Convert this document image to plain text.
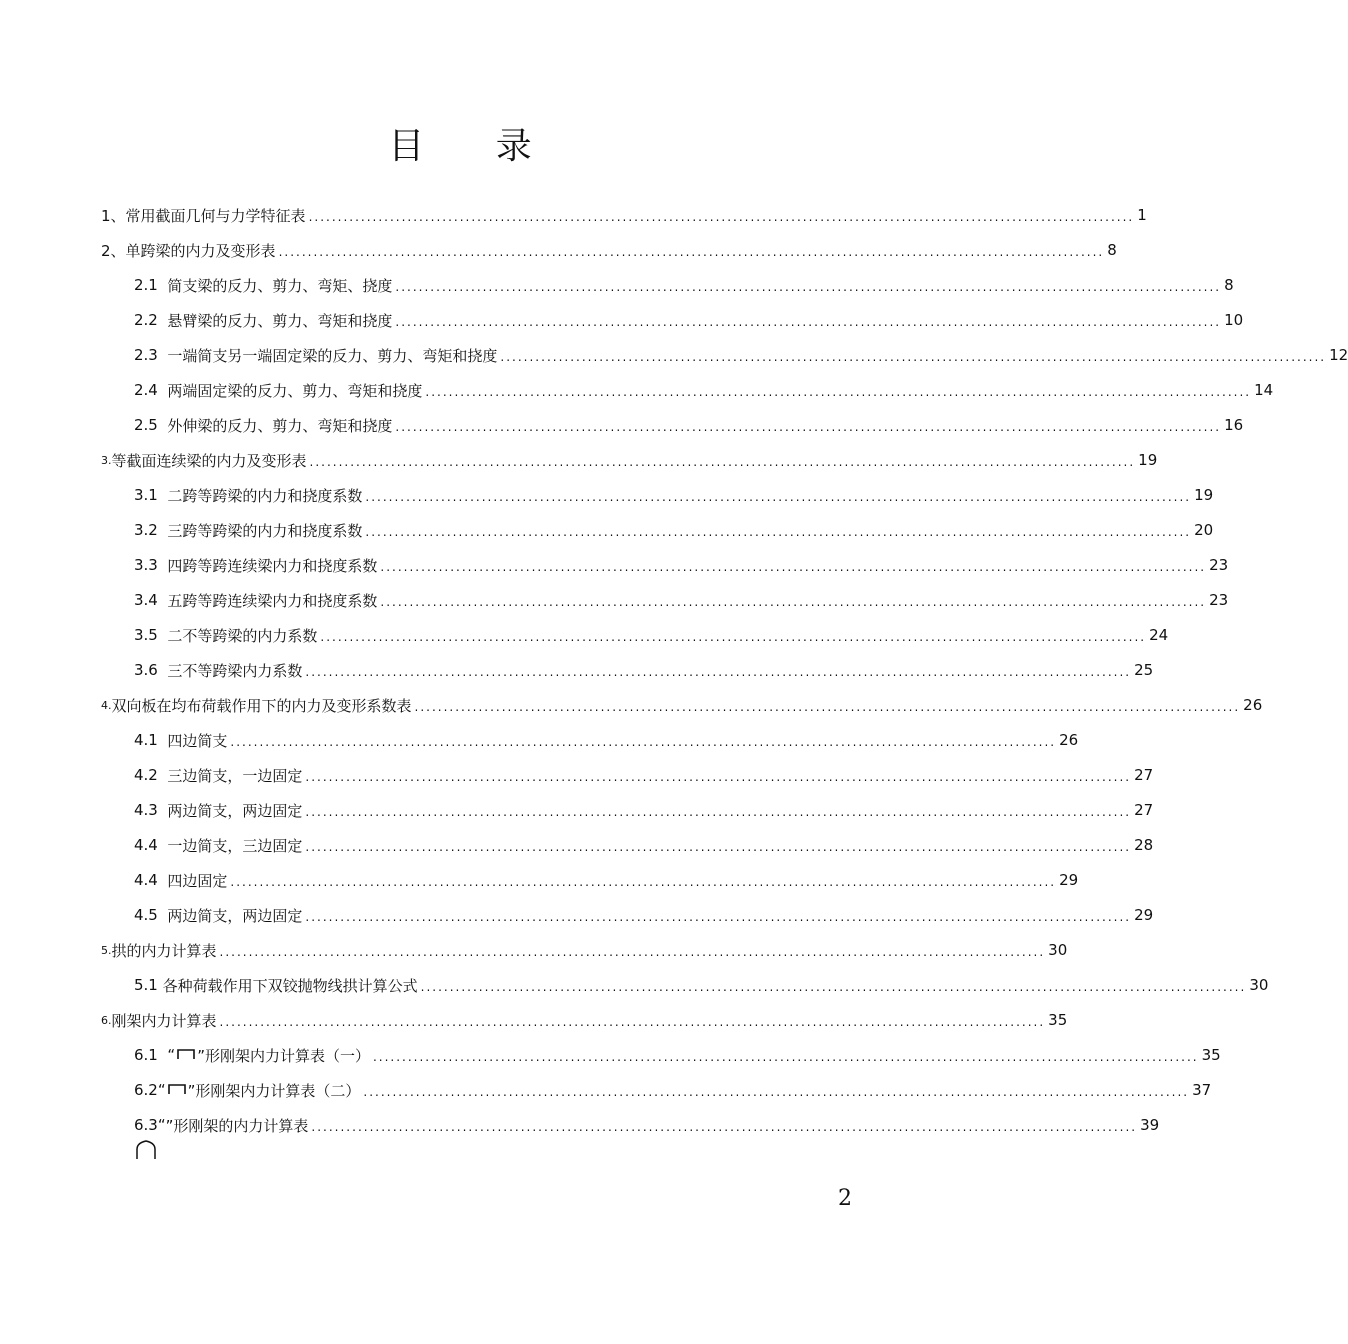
目 录
1、 常用截面几何与力学特征表 .............................................................................................................................................. 1
2、 单跨梁的内力及变形表 .............................................................................................................................................. 8
2.1
简支梁的反力、剪力、弯矩、挠度 .............................................................................................................................................. 8
2.2
悬臂梁的反力、剪力、弯矩和挠度 .............................................................................................................................................. 10
2.3
一端简支另一端固定梁的反力、剪力、弯矩和挠度 .............................................................................................................................................. 12
2.4
两端固定梁的反力、剪力、弯矩和挠度 .............................................................................................................................................. 14
2.5
外伸梁的反力、剪力、弯矩和挠度 .............................................................................................................................................. 16
3. 等截面连续梁的内力及变形表 .............................................................................................................................................. 19
3.1
二跨等跨梁的内力和挠度系数 .............................................................................................................................................. 19
3.2
三跨等跨梁的内力和挠度系数 .............................................................................................................................................. 20
3.3
四跨等跨连续梁内力和挠度系数 .............................................................................................................................................. 23
3.4
五跨等跨连续梁内力和挠度系数 .............................................................................................................................................. 23
3.5
二不等跨梁的内力系数 .............................................................................................................................................. 24
3.6
三不等跨梁内力系数 .............................................................................................................................................. 25
4. 双向板在均布荷载作用下的内力及变形系数表 .............................................................................................................................................. 26
4.1
四边简支 .............................................................................................................................................. 26
4.2
三边简支，一边固定 .............................................................................................................................................. 27
4.3
两边简支，两边固定 .............................................................................................................................................. 27
4.4
一边简支，三边固定 .............................................................................................................................................. 28
4.4
四边固定 .............................................................................................................................................. 29
4.5
两边简支，两边固定 .............................................................................................................................................. 29
5. 拱的内力计算表 .............................................................................................................................................. 30
5.1
各种荷载作用下双铰抛物线拱计算公式 .............................................................................................................................................. 30
6. 刚架内力计算表 .............................................................................................................................................. 35
6.1
“ ”形刚架内力计算表（一） .............................................................................................................................................. 35
6.2 “ ”形刚架内力计算表（二） .............................................................................................................................................. 37
6.3 “ ”形刚架的内力计算表 .............................................................................................................................................. 39
2
